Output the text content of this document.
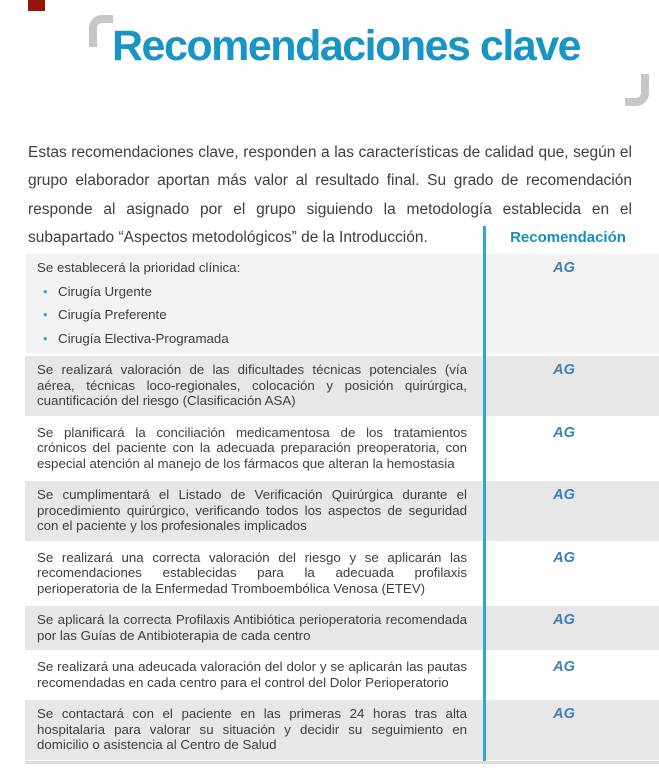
Recomendaciones clave

Estas recomendaciones clave, responden a las características de calidad que, según el grupo elaborador aportan más valor al resultado final. Su grado de recomendación responde al asignado por el grupo siguiendo la metodología establecida en el subapartado “Aspectos metodológicos” de la Introducción.	Recomendación
Se establecerá la prioridad clínica:
• Cirugía Urgente
• Cirugía Preferente
• Cirugía Electiva-Programada
AG
Se realizará valoración de las dificultades técnicas potenciales (vía aérea, técnicas loco-regionales, colocación y posición quirúrgica, cuantificación del riesgo (Clasificación ASA)
AG
Se planificará la conciliación medicamentosa de los tratamientos crónicos del paciente con la adecuada preparación preoperatoria, con especial atención al manejo de los fármacos que alteran la hemostasia
AG
Se cumplimentará el Listado de Verificación Quirúrgica durante el procedimiento quirúrgico, verificando todos los aspectos de seguridad con el paciente y los profesionales implicados
AG
Se realizará una correcta valoración del riesgo y se aplicarán las recomendaciones establecidas para la adecuada profilaxis perioperatoria de la Enfermedad Tromboembólica Venosa (ETEV)
AG
Se aplicará la correcta Profilaxis Antibiótica perioperatoria recomendada por las Guías de Antibioterapia de cada centro
AG
Se realizará una adeucada valoración del dolor y se aplicarán las pautas recomendadas en cada centro para el control del Dolor Perioperatorio
AG
Se contactará con el paciente en las primeras 24 horas tras alta hospitalaria para valorar su situación y decidir su seguimiento en domicilio o asistencia al Centro de Salud
AG
